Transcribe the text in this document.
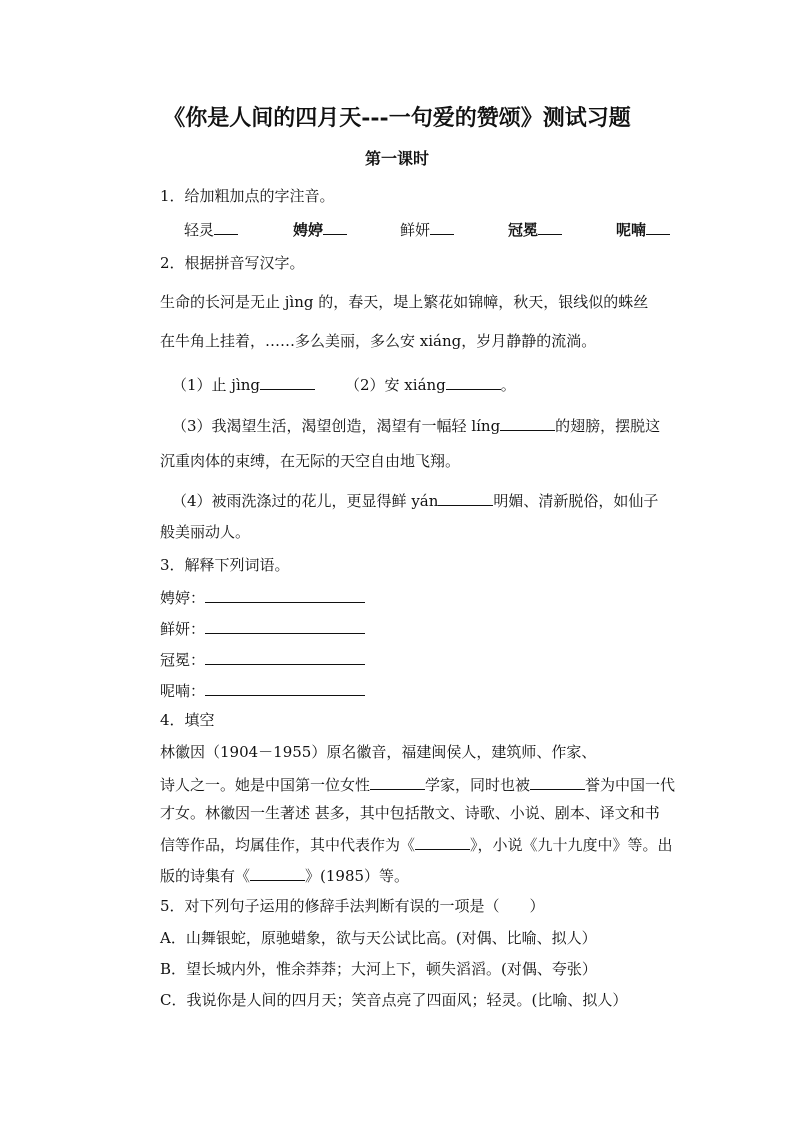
《你是人间的四月天---一句爱的赞颂》测试习题
第一课时
1．给加粗加点的字注音。
轻灵	娉婷	鲜妍	冠冕	呢喃
2．根据拼音写汉字。
生命的长河是无止 jìng 的，春天，堤上繁花如锦幛，秋天，银线似的蛛丝
在牛角上挂着，……多么美丽，多么安 xiáng，岁月静静的流淌。
（1）止 jìng	（2）安 xiáng	。
（3）我渴望生活，渴望创造，渴望有一幅轻 líng	的翅膀，摆脱这
沉重肉体的束缚，在无际的天空自由地飞翔。
（4）被雨洗涤过的花儿，更显得鲜 yán	明媚、清新脱俗，如仙子
般美丽动人。
3．解释下列词语。
娉婷：
鲜妍：
冠冕：
呢喃：
4．填空
林徽因（1904－1955）原名徽音，福建闽侯人，建筑师、作家、
诗人之一。她是中国第一位女性	学家，同时也被	誉为中国一代
才女。林徽因一生著述 甚多，其中包括散文、诗歌、小说、剧本、译文和书
信等作品，均属佳作，其中代表作为《	》，小说《九十九度中》等。出
版的诗集有《	》(1985）等。
5．对下列句子运用的修辞手法判断有误的一项是（　　）
A．山舞银蛇，原驰蜡象，欲与天公试比高。(对偶、比喻、拟人）
B．望长城内外，惟余莽莽；大河上下，顿失滔滔。(对偶、夸张）
C．我说你是人间的四月天；笑音点亮了四面风；轻灵。(比喻、拟人）
